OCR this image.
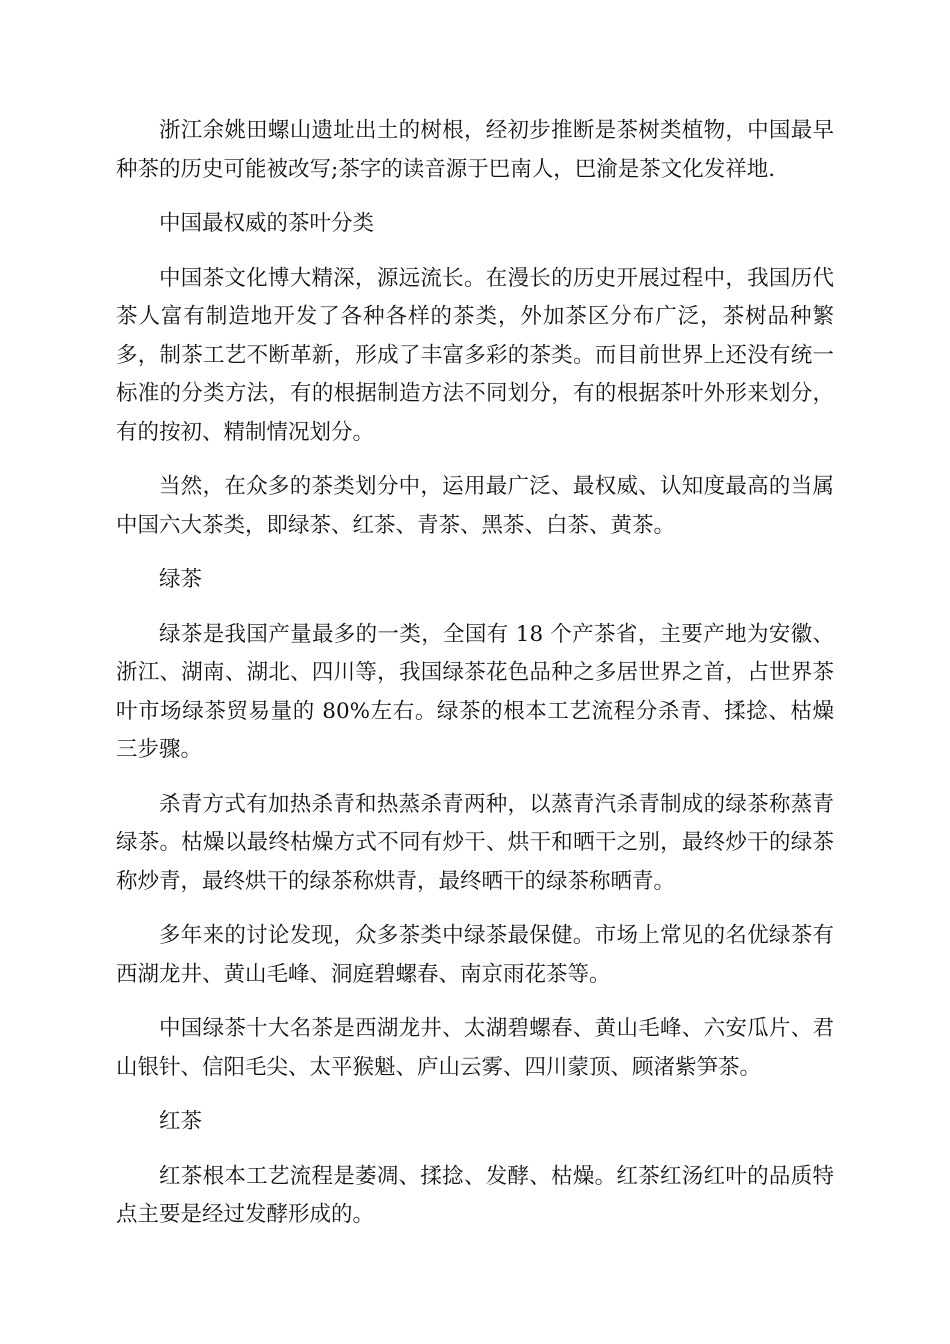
浙江余姚田螺山遗址出土的树根，经初步推断是茶树类植物，中国最早种茶的历史可能被改写;茶字的读音源于巴南人，巴渝是茶文化发祥地.

中国最权威的茶叶分类

中国茶文化博大精深，源远流长。在漫长的历史开展过程中，我国历代茶人富有制造地开发了各种各样的茶类，外加茶区分布广泛，茶树品种繁多，制茶工艺不断革新，形成了丰富多彩的茶类。而目前世界上还没有统一标准的分类方法，有的根据制造方法不同划分，有的根据茶叶外形来划分，有的按初、精制情况划分。

当然，在众多的茶类划分中，运用最广泛、最权威、认知度最高的当属中国六大茶类，即绿茶、红茶、青茶、黑茶、白茶、黄茶。

绿茶

绿茶是我国产量最多的一类，全国有 18 个产茶省，主要产地为安徽、浙江、湖南、湖北、四川等，我国绿茶花色品种之多居世界之首，占世界茶叶市场绿茶贸易量的 80%左右。绿茶的根本工艺流程分杀青、揉捻、枯燥三步骤。

杀青方式有加热杀青和热蒸杀青两种，以蒸青汽杀青制成的绿茶称蒸青绿茶。枯燥以最终枯燥方式不同有炒干、烘干和晒干之别，最终炒干的绿茶称炒青，最终烘干的绿茶称烘青，最终晒干的绿茶称晒青。

多年来的讨论发现，众多茶类中绿茶最保健。市场上常见的名优绿茶有西湖龙井、黄山毛峰、洞庭碧螺春、南京雨花茶等。

中国绿茶十大名茶是西湖龙井、太湖碧螺春、黄山毛峰、六安瓜片、君山银针、信阳毛尖、太平猴魁、庐山云雾、四川蒙顶、顾渚紫笋茶。

红茶

红茶根本工艺流程是萎凋、揉捻、发酵、枯燥。红茶红汤红叶的品质特点主要是经过发酵形成的。
